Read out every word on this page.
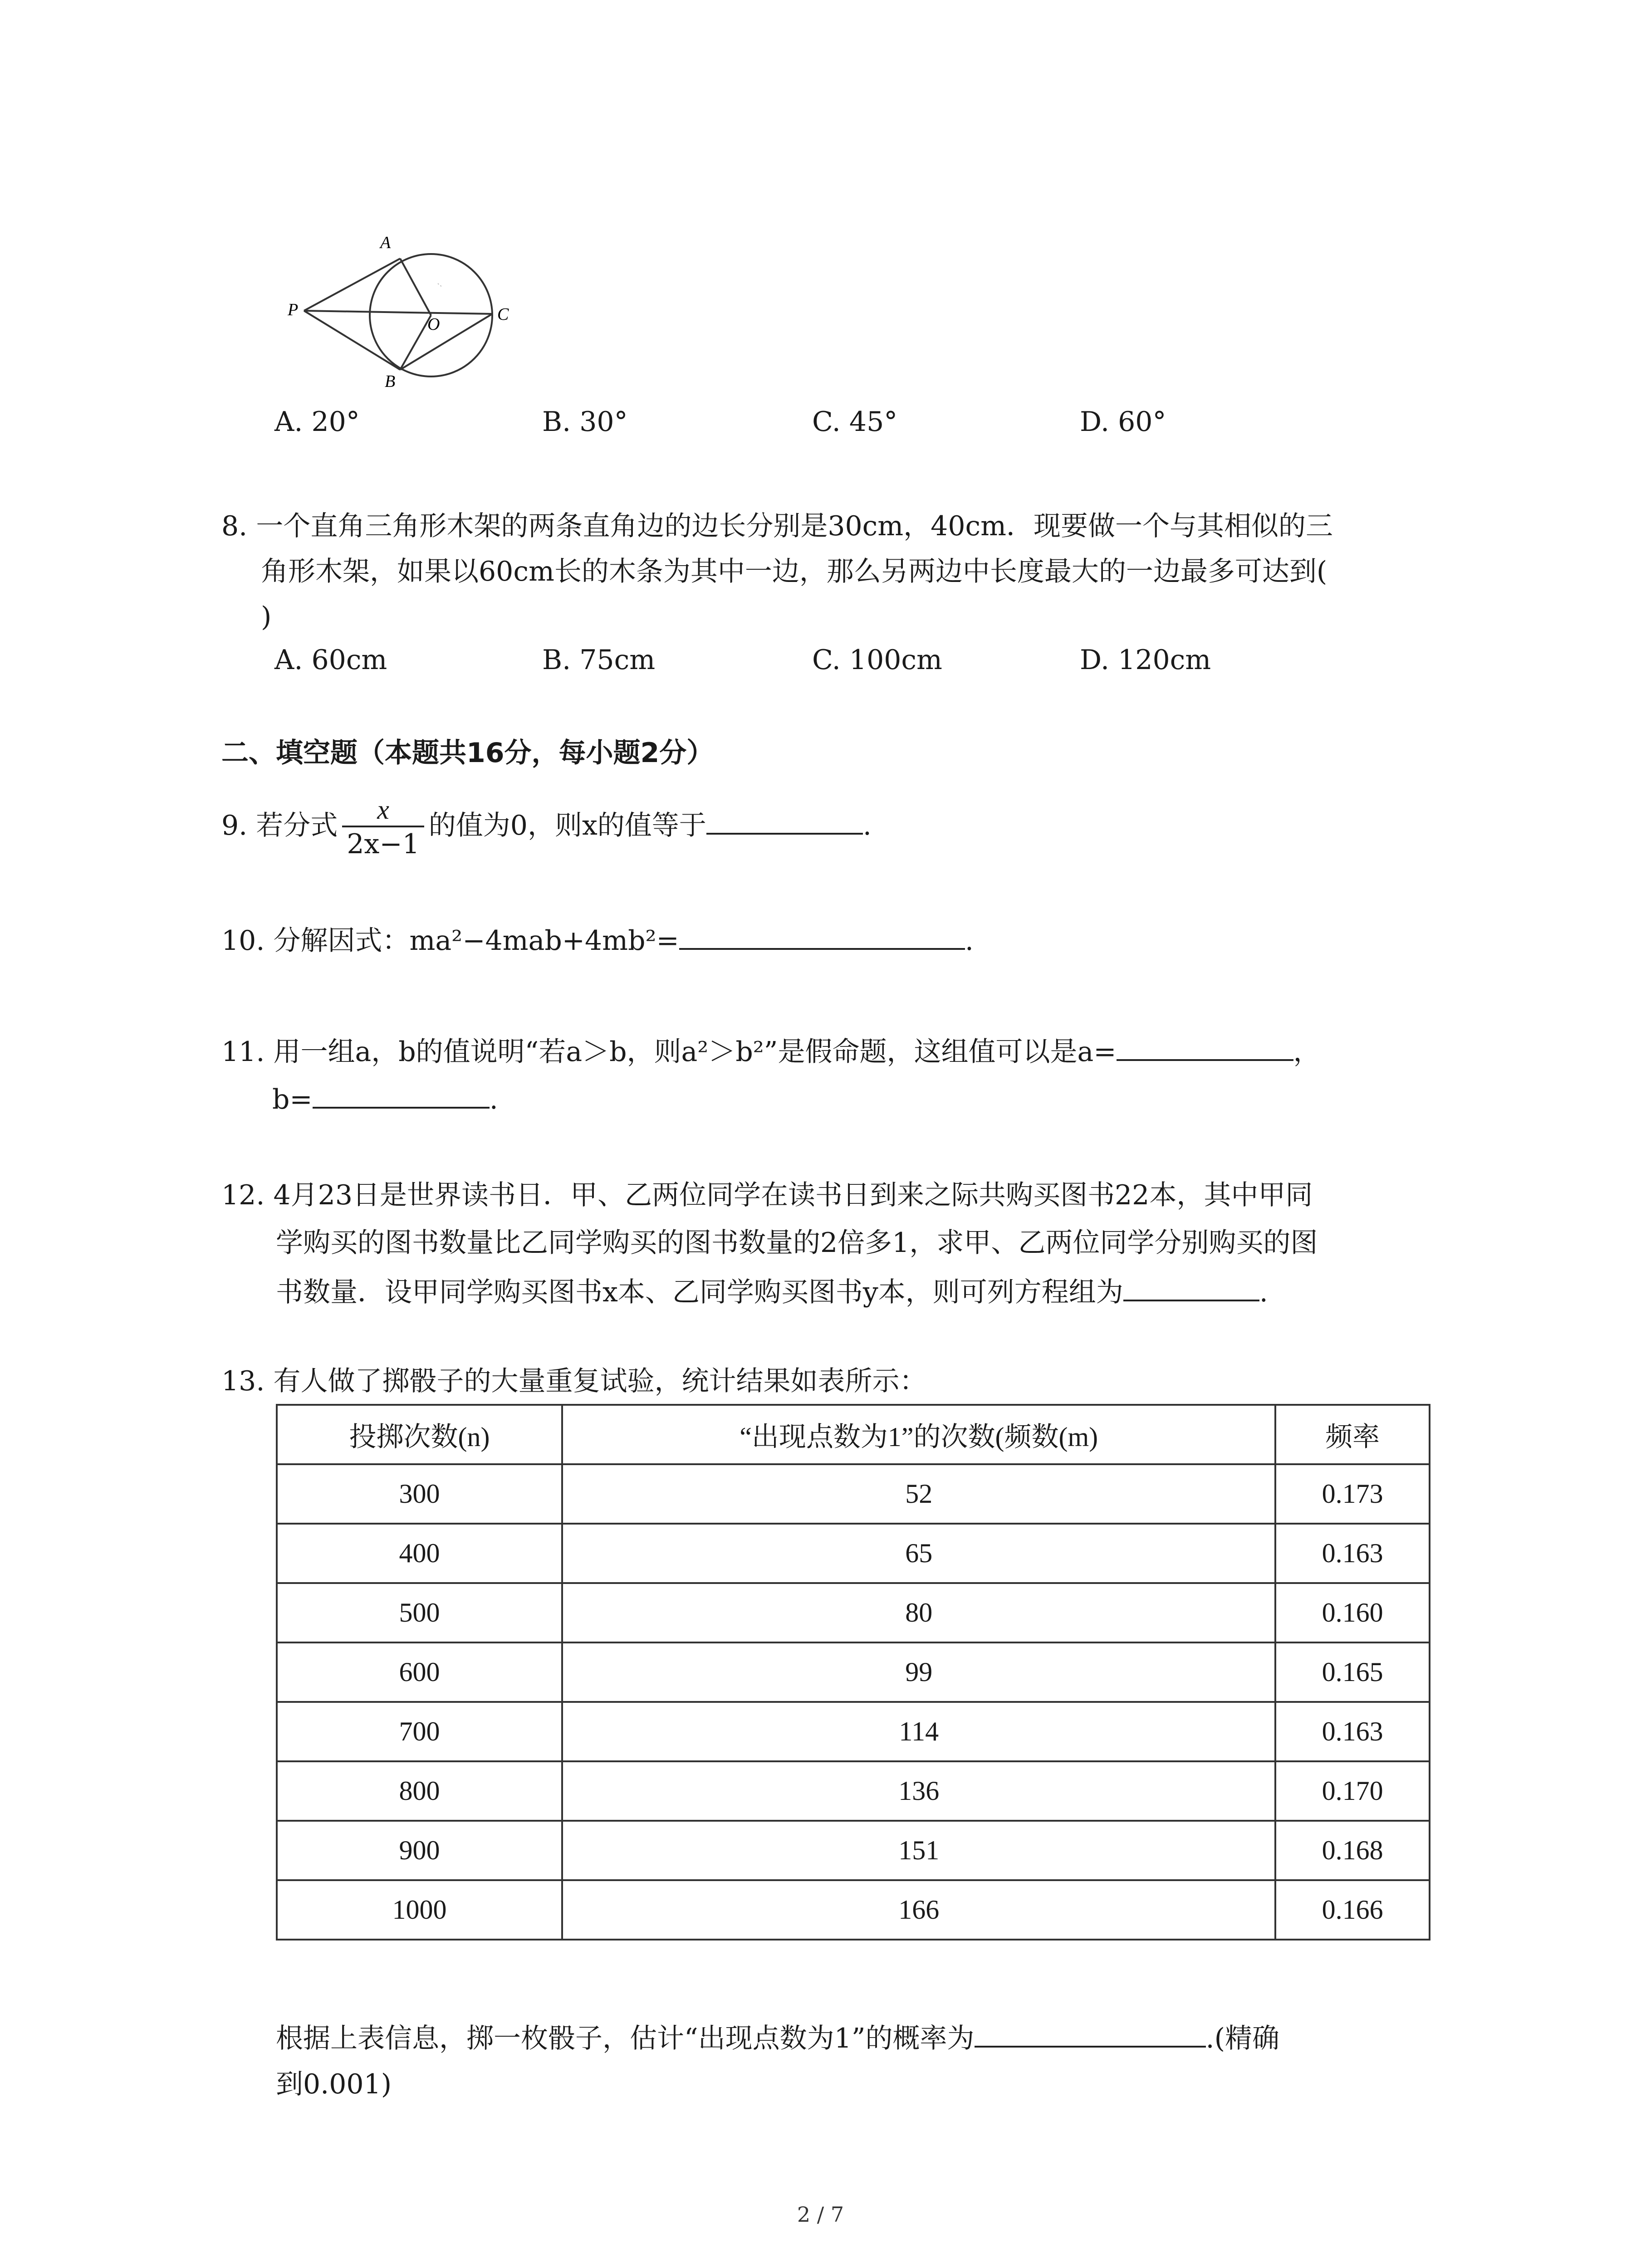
A
P
O
C
B
A. 20°	B. 30°	C. 45°	D. 60°
8. 一个直角三角形木架的两条直角边的边长分别是30cm，40cm．现要做一个与其相似的三
角形木架，如果以60cm长的木条为其中一边，那么另两边中长度最大的一边最多可达到(
)
A. 60cm	B. 75cm	C. 100cm	D. 120cm
二、填空题（本题共16分，每小题2分）
9. 若分式 $\frac{x}{2x-1}$ 的值为0，则x的值等于	.
10. 分解因式：ma²−4mab+4mb²=	.
11. 用一组a，b的值说明“若a＞b，则a²＞b²”是假命题，这组值可以是a=	，
b=	.
12. 4月23日是世界读书日．甲、乙两位同学在读书日到来之际共购买图书22本，其中甲同
学购买的图书数量比乙同学购买的图书数量的2倍多1，求甲、乙两位同学分别购买的图
书数量．设甲同学购买图书x本、乙同学购买图书y本，则可列方程组为	.
13. 有人做了掷骰子的大量重复试验，统计结果如表所示：
投掷次数(n)	“出现点数为1”的次数(频数(m)	频率
300	52	0.173
400	65	0.163
500	80	0.160
600	99	0.165
700	114	0.163
800	136	0.170
900	151	0.168
1000	166	0.166
根据上表信息，掷一枚骰子，估计“出现点数为1”的概率为	.(精确
到0.001)
2 / 7
